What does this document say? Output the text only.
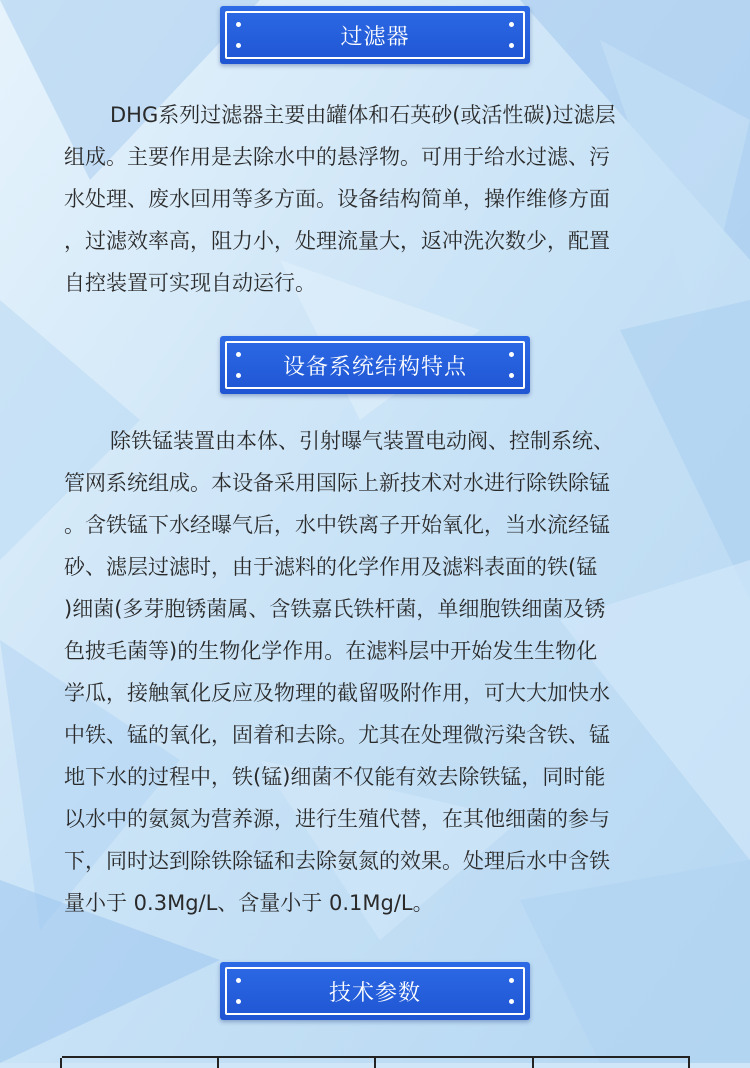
过滤器

DHG系列过滤器主要由罐体和石英砂(或活性碳)过滤层
组成。主要作用是去除水中的悬浮物。可用于给水过滤、污
水处理、废水回用等多方面。设备结构简单，操作维修方面
，过滤效率高，阻力小，处理流量大，返冲洗次数少，配置
自控装置可实现自动运行。

设备系统结构特点

除铁锰装置由本体、引射曝气装置电动阀、控制系统、
管网系统组成。本设备采用国际上新技术对水进行除铁除锰
。含铁锰下水经曝气后，水中铁离子开始氧化，当水流经锰
砂、滤层过滤时，由于滤料的化学作用及滤料表面的铁(锰
)细菌(多芽胞锈菌属、含铁嘉氏铁杆菌，单细胞铁细菌及锈
色披毛菌等)的生物化学作用。在滤料层中开始发生生物化
学瓜，接触氧化反应及物理的截留吸附作用，可大大加快水
中铁、锰的氧化，固着和去除。尤其在处理微污染含铁、锰
地下水的过程中，铁(锰)细菌不仅能有效去除铁锰，同时能
以水中的氨氮为营养源，进行生殖代替，在其他细菌的参与
下，同时达到除铁除锰和去除氨氮的效果。处理后水中含铁
量小于 0.3Mg/L、含量小于 0.1Mg/L。

技术参数
